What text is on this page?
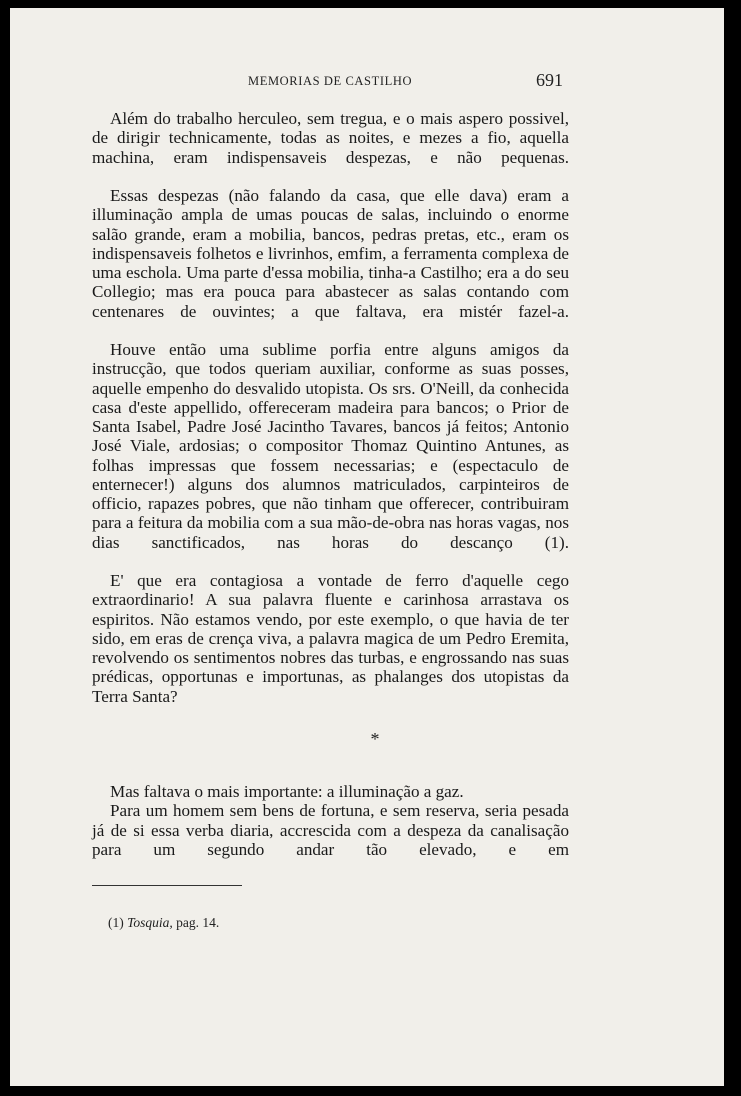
MEMORIAS DE CASTILHO	691

Além do trabalho herculeo, sem tregua, e o mais aspero possivel, de dirigir technicamente, todas as noites, e mezes a fio, aquella machina, eram indispensaveis despezas, e não pequenas.

Essas despezas (não falando da casa, que elle dava) eram a illuminação ampla de umas poucas de salas, incluindo o enorme salão grande, eram a mobilia, bancos, pedras pretas, etc., eram os indispensaveis folhetos e livrinhos, emfim, a ferramenta complexa de uma escholа. Uma parte d'essa mobilia, tinha-a Castilho; era a do seu Collegio; mas era pouca para abastecer as salas contando com centenares de ouvintes; a que faltava, era mistér fazel-a.

Houve então uma sublime porfia entre alguns amigos da instrucção, que todos queriam auxiliar, conforme as suas posses, aquelle empenho do desvalido utopista. Os srs. O'Neill, da conhecida casa d'este appellido, offereceram madeira para bancos; o Prior de Santa Isabel, Padre José Jacintho Tavares, bancos já feitos; Antonio José Viale, ardosias; o compositor Thomaz Quintino Antunes, as folhas impressas que fossem necessarias; e (espectaculo de enternecer!) alguns dos alumnos matriculados, carpinteiros de officio, rapazes pobres, que não tinham que offerecer, contribuiram para a feitura da mobilia com a sua mão-de-obra nas horas vagas, nos dias sanctificados, nas horas do descanço (1).

E' que era contagiosa a vontade de ferro d'aquelle cego extraordinario! A sua palavra fluente e carinhosa arrastava os espiritos. Não estamos vendo, por este exemplo, o que havia de ter sido, em eras de crença viva, a palavra magica de um Pedro Eremita, revolvendo os sentimentos nobres das turbas, e engrossando nas suas prédicas, opportunas e importunas, as phalanges dos utopistas da Terra Santa?

*

Mas faltava o mais importante: a illuminação a gaz.

Para um homem sem bens de fortuna, e sem reserva, seria pesada já de si essa verba diaria, accrescida com a despeza da canalisação para um segundo andar tão elevado, e em

(1) Tosquia, pag. 14.
